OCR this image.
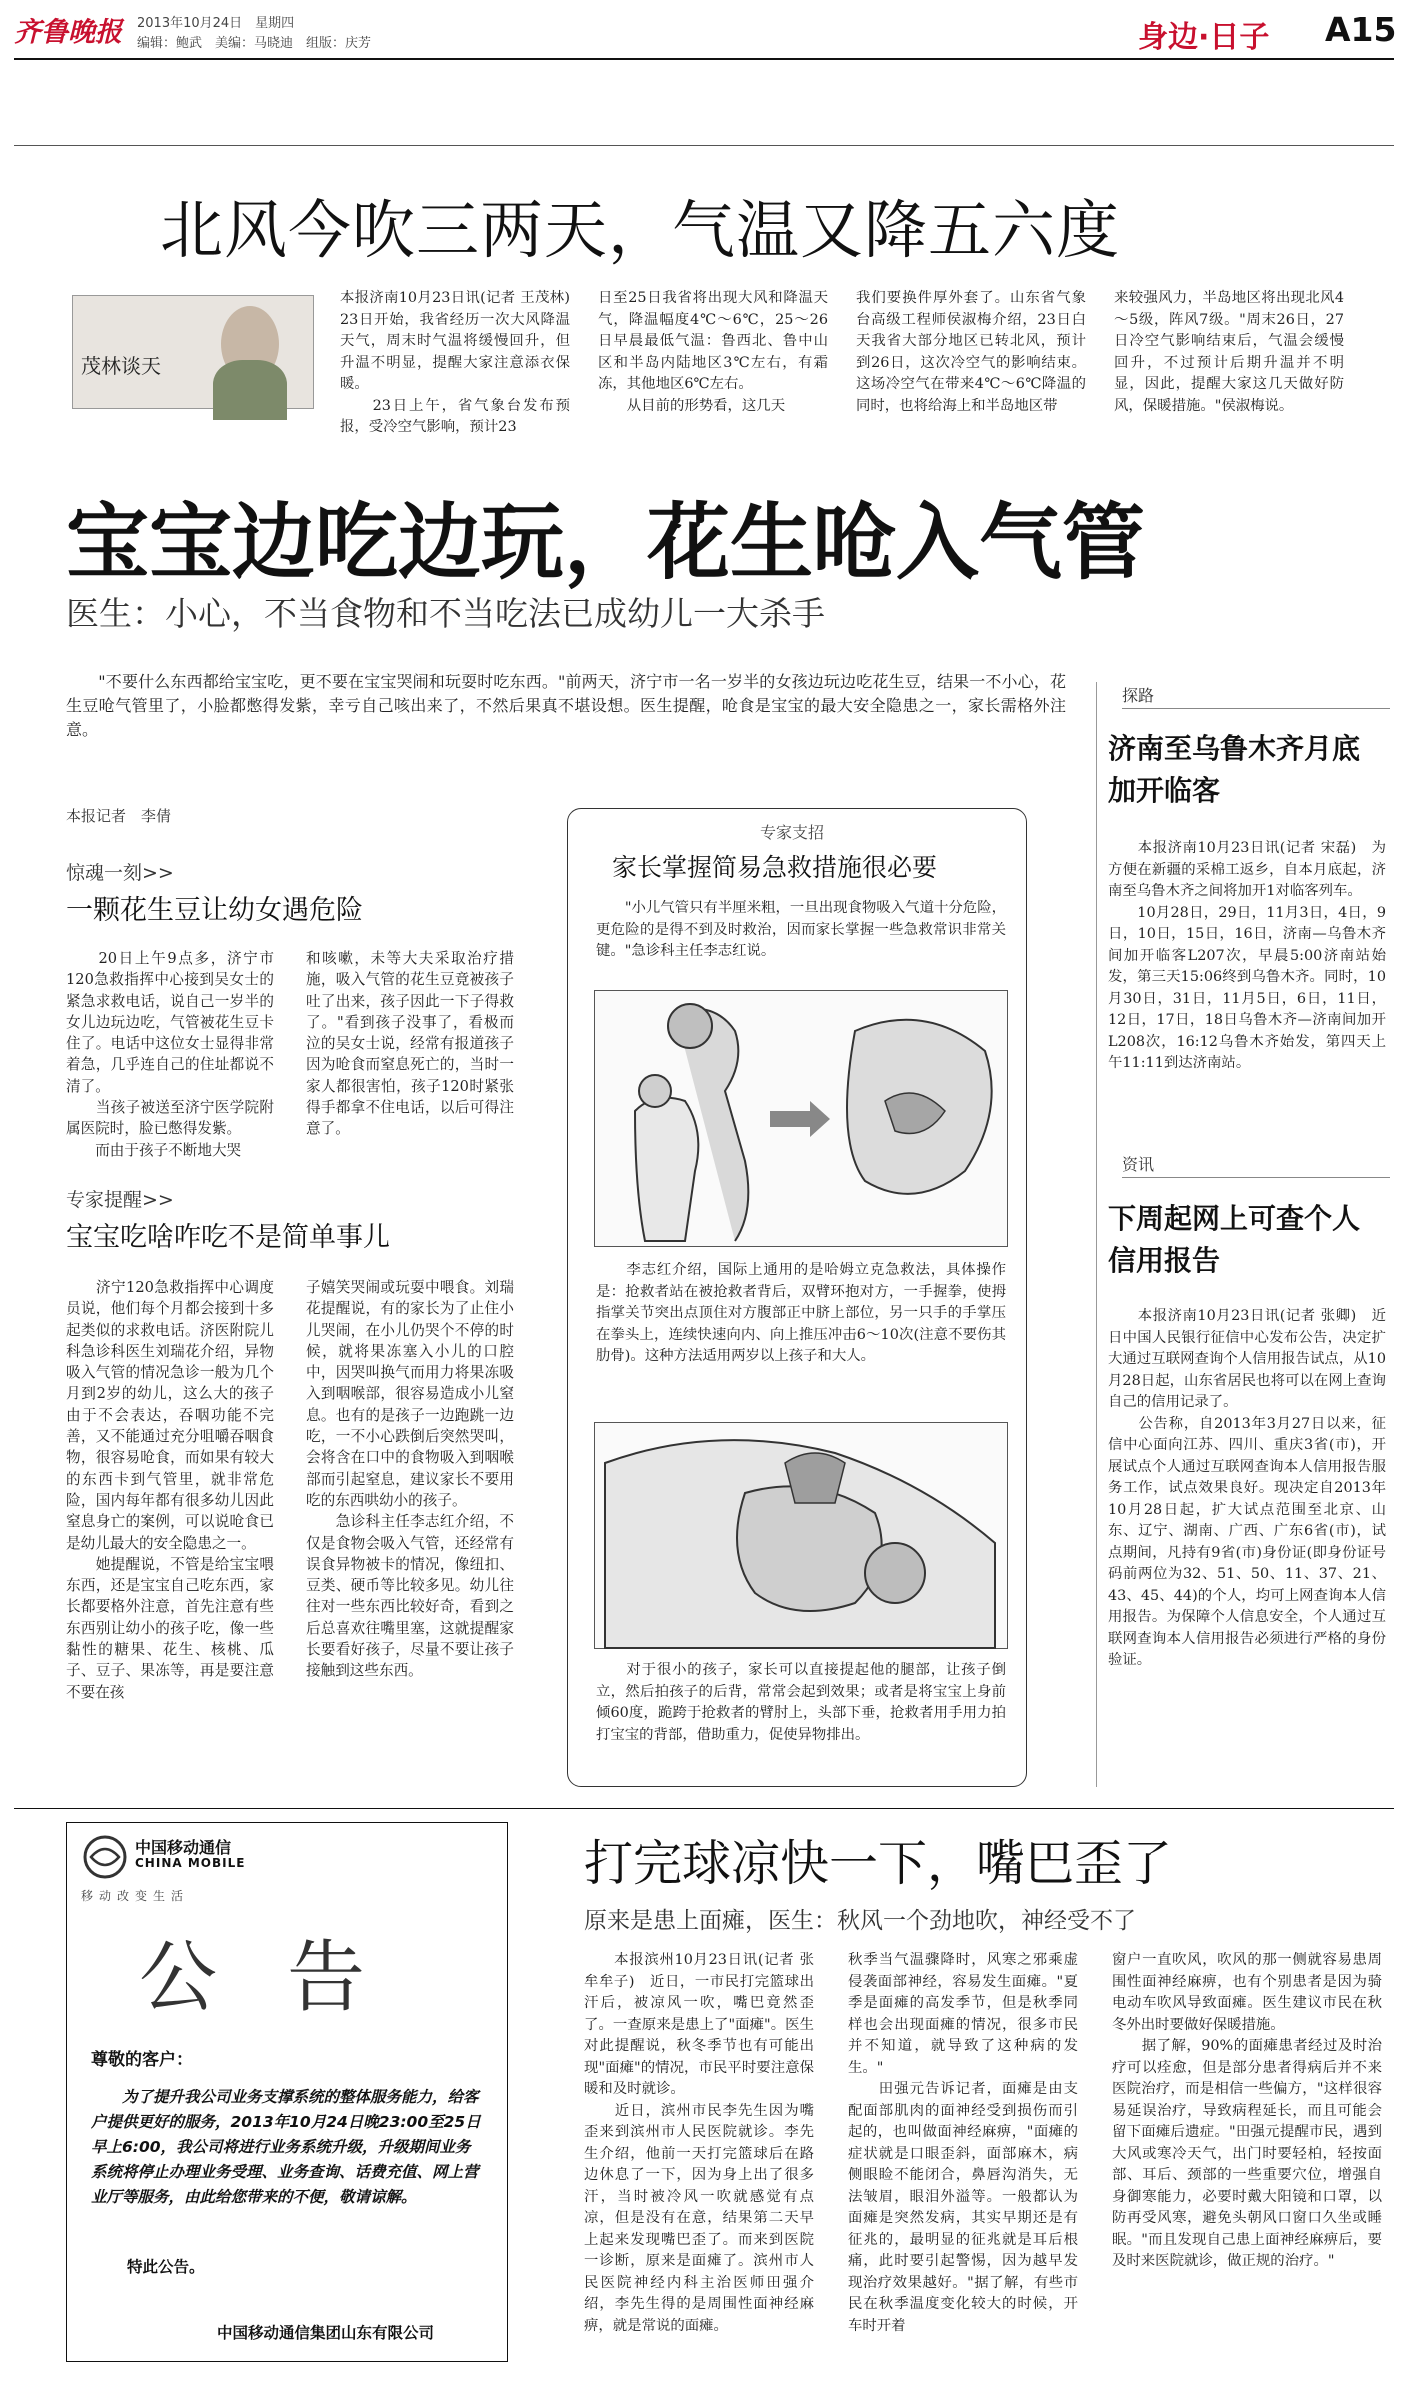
齐鲁晚报 2013年10月24日　星期四
编辑：鲍武　美编：马晓迪　组版：庆芳	身边·日子 A15
北风今吹三两天，气温又降五六度
茂林谈天
本报济南10月23日讯(记者 王茂林)　23日开始，我省经历一次大风降温天气，周末时气温将缓慢回升，但升温不明显，提醒大家注意添衣保暖。
　　23日上午，省气象台发布预报，受冷空气影响，预计23
日至25日我省将出现大风和降温天气，降温幅度4℃～6℃，25～26日早晨最低气温：鲁西北、鲁中山区和半岛内陆地区3℃左右，有霜冻，其他地区6℃左右。
　　从目前的形势看，这几天
我们要换件厚外套了。山东省气象台高级工程师侯淑梅介绍，23日白天我省大部分地区已转北风，预计到26日，这次冷空气的影响结束。这场冷空气在带来4℃～6℃降温的同时，也将给海上和半岛地区带
来较强风力，半岛地区将出现北风4～5级，阵风7级。"周末26日，27日冷空气影响结束后，气温会缓慢回升，不过预计后期升温并不明显，因此，提醒大家这几天做好防风，保暖措施。"侯淑梅说。
宝宝边吃边玩，花生呛入气管
医生：小心，不当食物和不当吃法已成幼儿一大杀手
　　"不要什么东西都给宝宝吃，更不要在宝宝哭闹和玩耍时吃东西。"前两天，济宁市一名一岁半的女孩边玩边吃花生豆，结果一不小心，花生豆呛气管里了，小脸都憋得发紫，幸亏自己咳出来了，不然后果真不堪设想。医生提醒，呛食是宝宝的最大安全隐患之一，家长需格外注意。
本报记者　李倩
惊魂一刻>>
一颗花生豆让幼女遇危险
　　20日上午9点多，济宁市120急救指挥中心接到吴女士的紧急求救电话，说自己一岁半的女儿边玩边吃，气管被花生豆卡住了。电话中这位女士显得非常着急，几乎连自己的住址都说不清了。
　　当孩子被送至济宁医学院附属医院时，脸已憋得发紫。
　　而由于孩子不断地大哭
和咳嗽，未等大夫采取治疗措施，吸入气管的花生豆竟被孩子吐了出来，孩子因此一下子得救了。"看到孩子没事了，看极而泣的吴女士说，经常有报道孩子因为呛食而窒息死亡的，当时一家人都很害怕，孩子120时紧张得手都拿不住电话，以后可得注意了。
专家提醒>>
宝宝吃啥咋吃不是简单事儿
　　济宁120急救指挥中心调度员说，他们每个月都会接到十多起类似的求救电话。济医附院儿科急诊科医生刘瑞花介绍，异物吸入气管的情况急诊一般为几个月到2岁的幼儿，这么大的孩子由于不会表达，吞咽功能不完善，又不能通过充分咀嚼吞咽食物，很容易呛食，而如果有较大的东西卡到气管里，就非常危险，国内每年都有很多幼儿因此窒息身亡的案例，可以说呛食已是幼儿最大的安全隐患之一。
　　她提醒说，不管是给宝宝喂东西，还是宝宝自己吃东西，家长都要格外注意，首先注意有些东西别让幼小的孩子吃，像一些黏性的糖果、花生、核桃、瓜子、豆子、果冻等，再是要注意不要在孩
子嬉笑哭闹或玩耍中喂食。刘瑞花提醒说，有的家长为了止住小儿哭闹，在小儿仍哭个不停的时候，就将果冻塞入小儿的口腔中，因哭叫换气而用力将果冻吸入到咽喉部，很容易造成小儿窒息。也有的是孩子一边跑跳一边吃，一不小心跌倒后突然哭叫，会将含在口中的食物吸入到咽喉部而引起窒息，建议家长不要用吃的东西哄幼小的孩子。
　　急诊科主任李志红介绍，不仅是食物会吸入气管，还经常有误食异物被卡的情况，像纽扣、豆类、硬币等比较多见。幼儿往往对一些东西比较好奇，看到之后总喜欢往嘴里塞，这就提醒家长要看好孩子，尽量不要让孩子接触到这些东西。
专家支招
家长掌握简易急救措施很必要
　　"小儿气管只有半厘米粗，一旦出现食物吸入气道十分危险，更危险的是得不到及时救治，因而家长掌握一些急救常识非常关键。"急诊科主任李志红说。
　　李志红介绍，国际上通用的是哈姆立克急救法，具体操作是：抢救者站在被抢救者背后，双臂环抱对方，一手握拳，使拇指掌关节突出点顶住对方腹部正中脐上部位，另一只手的手掌压在拳头上，连续快速向内、向上推压冲击6～10次(注意不要伤其肋骨)。这种方法适用两岁以上孩子和大人。
　　对于很小的孩子，家长可以直接提起他的腿部，让孩子倒立，然后拍孩子的后背，常常会起到效果；或者是将宝宝上身前倾60度，跪跨于抢救者的臂肘上，头部下垂，抢救者用手用力拍打宝宝的背部，借助重力，促使异物排出。
探路
济南至乌鲁木齐月底加开临客
　　本报济南10月23日讯(记者 宋磊)　为方便在新疆的采棉工返乡，自本月底起，济南至乌鲁木齐之间将加开1对临客列车。
　　10月28日，29日，11月3日，4日，9日，10日，15日，16日，济南—乌鲁木齐间加开临客L207次，早晨5:00济南站始发，第三天15:06终到乌鲁木齐。同时，10月30日，31日，11月5日，6日，11日，12日，17日，18日乌鲁木齐—济南间加开L208次，16:12乌鲁木齐始发，第四天上午11:11到达济南站。
资讯
下周起网上可查个人信用报告
　　本报济南10月23日讯(记者 张卿)　近日中国人民银行征信中心发布公告，决定扩大通过互联网查询个人信用报告试点，从10月28日起，山东省居民也将可以在网上查询自己的信用记录了。
　　公告称，自2013年3月27日以来，征信中心面向江苏、四川、重庆3省(市)，开展试点个人通过互联网查询本人信用报告服务工作，试点效果良好。现决定自2013年10月28日起，扩大试点范围至北京、山东、辽宁、湖南、广西、广东6省(市)，试点期间，凡持有9省(市)身份证(即身份证号码前两位为32、51、50、11、37、21、43、45、44)的个人，均可上网查询本人信用报告。为保障个人信息安全，个人通过互联网查询本人信用报告必须进行严格的身份验证。
中国移动通信
CHINA MOBILE
移动改变生活
公告
尊敬的客户：
　　为了提升我公司业务支撑系统的整体服务能力，给客户提供更好的服务，2013年10月24日晚23:00至25日早上6:00，我公司将进行业务系统升级，升级期间业务系统将停止办理业务受理、业务查询、话费充值、网上营业厅等服务，由此给您带来的不便，敬请谅解。
特此公告。
中国移动通信集团山东有限公司
打完球凉快一下，嘴巴歪了
原来是患上面瘫，医生：秋风一个劲地吹，神经受不了
　　本报滨州10月23日讯(记者 张牟牟子)　近日，一市民打完篮球出汗后，被凉风一吹，嘴巴竟然歪了。一查原来是患上了"面瘫"。医生对此提醒说，秋冬季节也有可能出现"面瘫"的情况，市民平时要注意保暖和及时就诊。
　　近日，滨州市民李先生因为嘴歪来到滨州市人民医院就诊。李先生介绍，他前一天打完篮球后在路边休息了一下，因为身上出了很多汗，当时被冷风一吹就感觉有点凉，但是没有在意，结果第二天早上起来发现嘴巴歪了。而来到医院一诊断，原来是面瘫了。滨州市人民医院神经内科主治医师田强介绍，李先生得的是周围性面神经麻痹，就是常说的面瘫。
秋季当气温骤降时，风寒之邪乘虚侵袭面部神经，容易发生面瘫。"夏季是面瘫的高发季节，但是秋季同样也会出现面瘫的情况，很多市民并不知道，就导致了这种病的发生。"
　　田强元告诉记者，面瘫是由支配面部肌肉的面神经受到损伤而引起的，也叫做面神经麻痹，"面瘫的症状就是口眼歪斜，面部麻木，病侧眼睑不能闭合，鼻唇沟消失，无法皱眉，眼泪外溢等。一般都认为面瘫是突然发病，其实早期还是有征兆的，最明显的征兆就是耳后根痛，此时要引起警惕，因为越早发现治疗效果越好。"据了解，有些市民在秋季温度变化较大的时候，开车时开着
窗户一直吹风，吹风的那一侧就容易患周围性面神经麻痹，也有个别患者是因为骑电动车吹风导致面瘫。医生建议市民在秋冬外出时要做好保暖措施。
　　据了解，90%的面瘫患者经过及时治疗可以痊愈，但是部分患者得病后并不来医院治疗，而是相信一些偏方，"这样很容易延误治疗，导致病程延长，而且可能会留下面瘫后遗症。"田强元提醒市民，遇到大风或寒冷天气，出门时要轻柏，轻按面部、耳后、颈部的一些重要穴位，增强自身御寒能力，必要时戴大阳镜和口罩，以防再受风寒，避免头朝风口窗口久坐或睡眠。"而且发现自己患上面神经麻痹后，要及时来医院就诊，做正规的治疗。"
